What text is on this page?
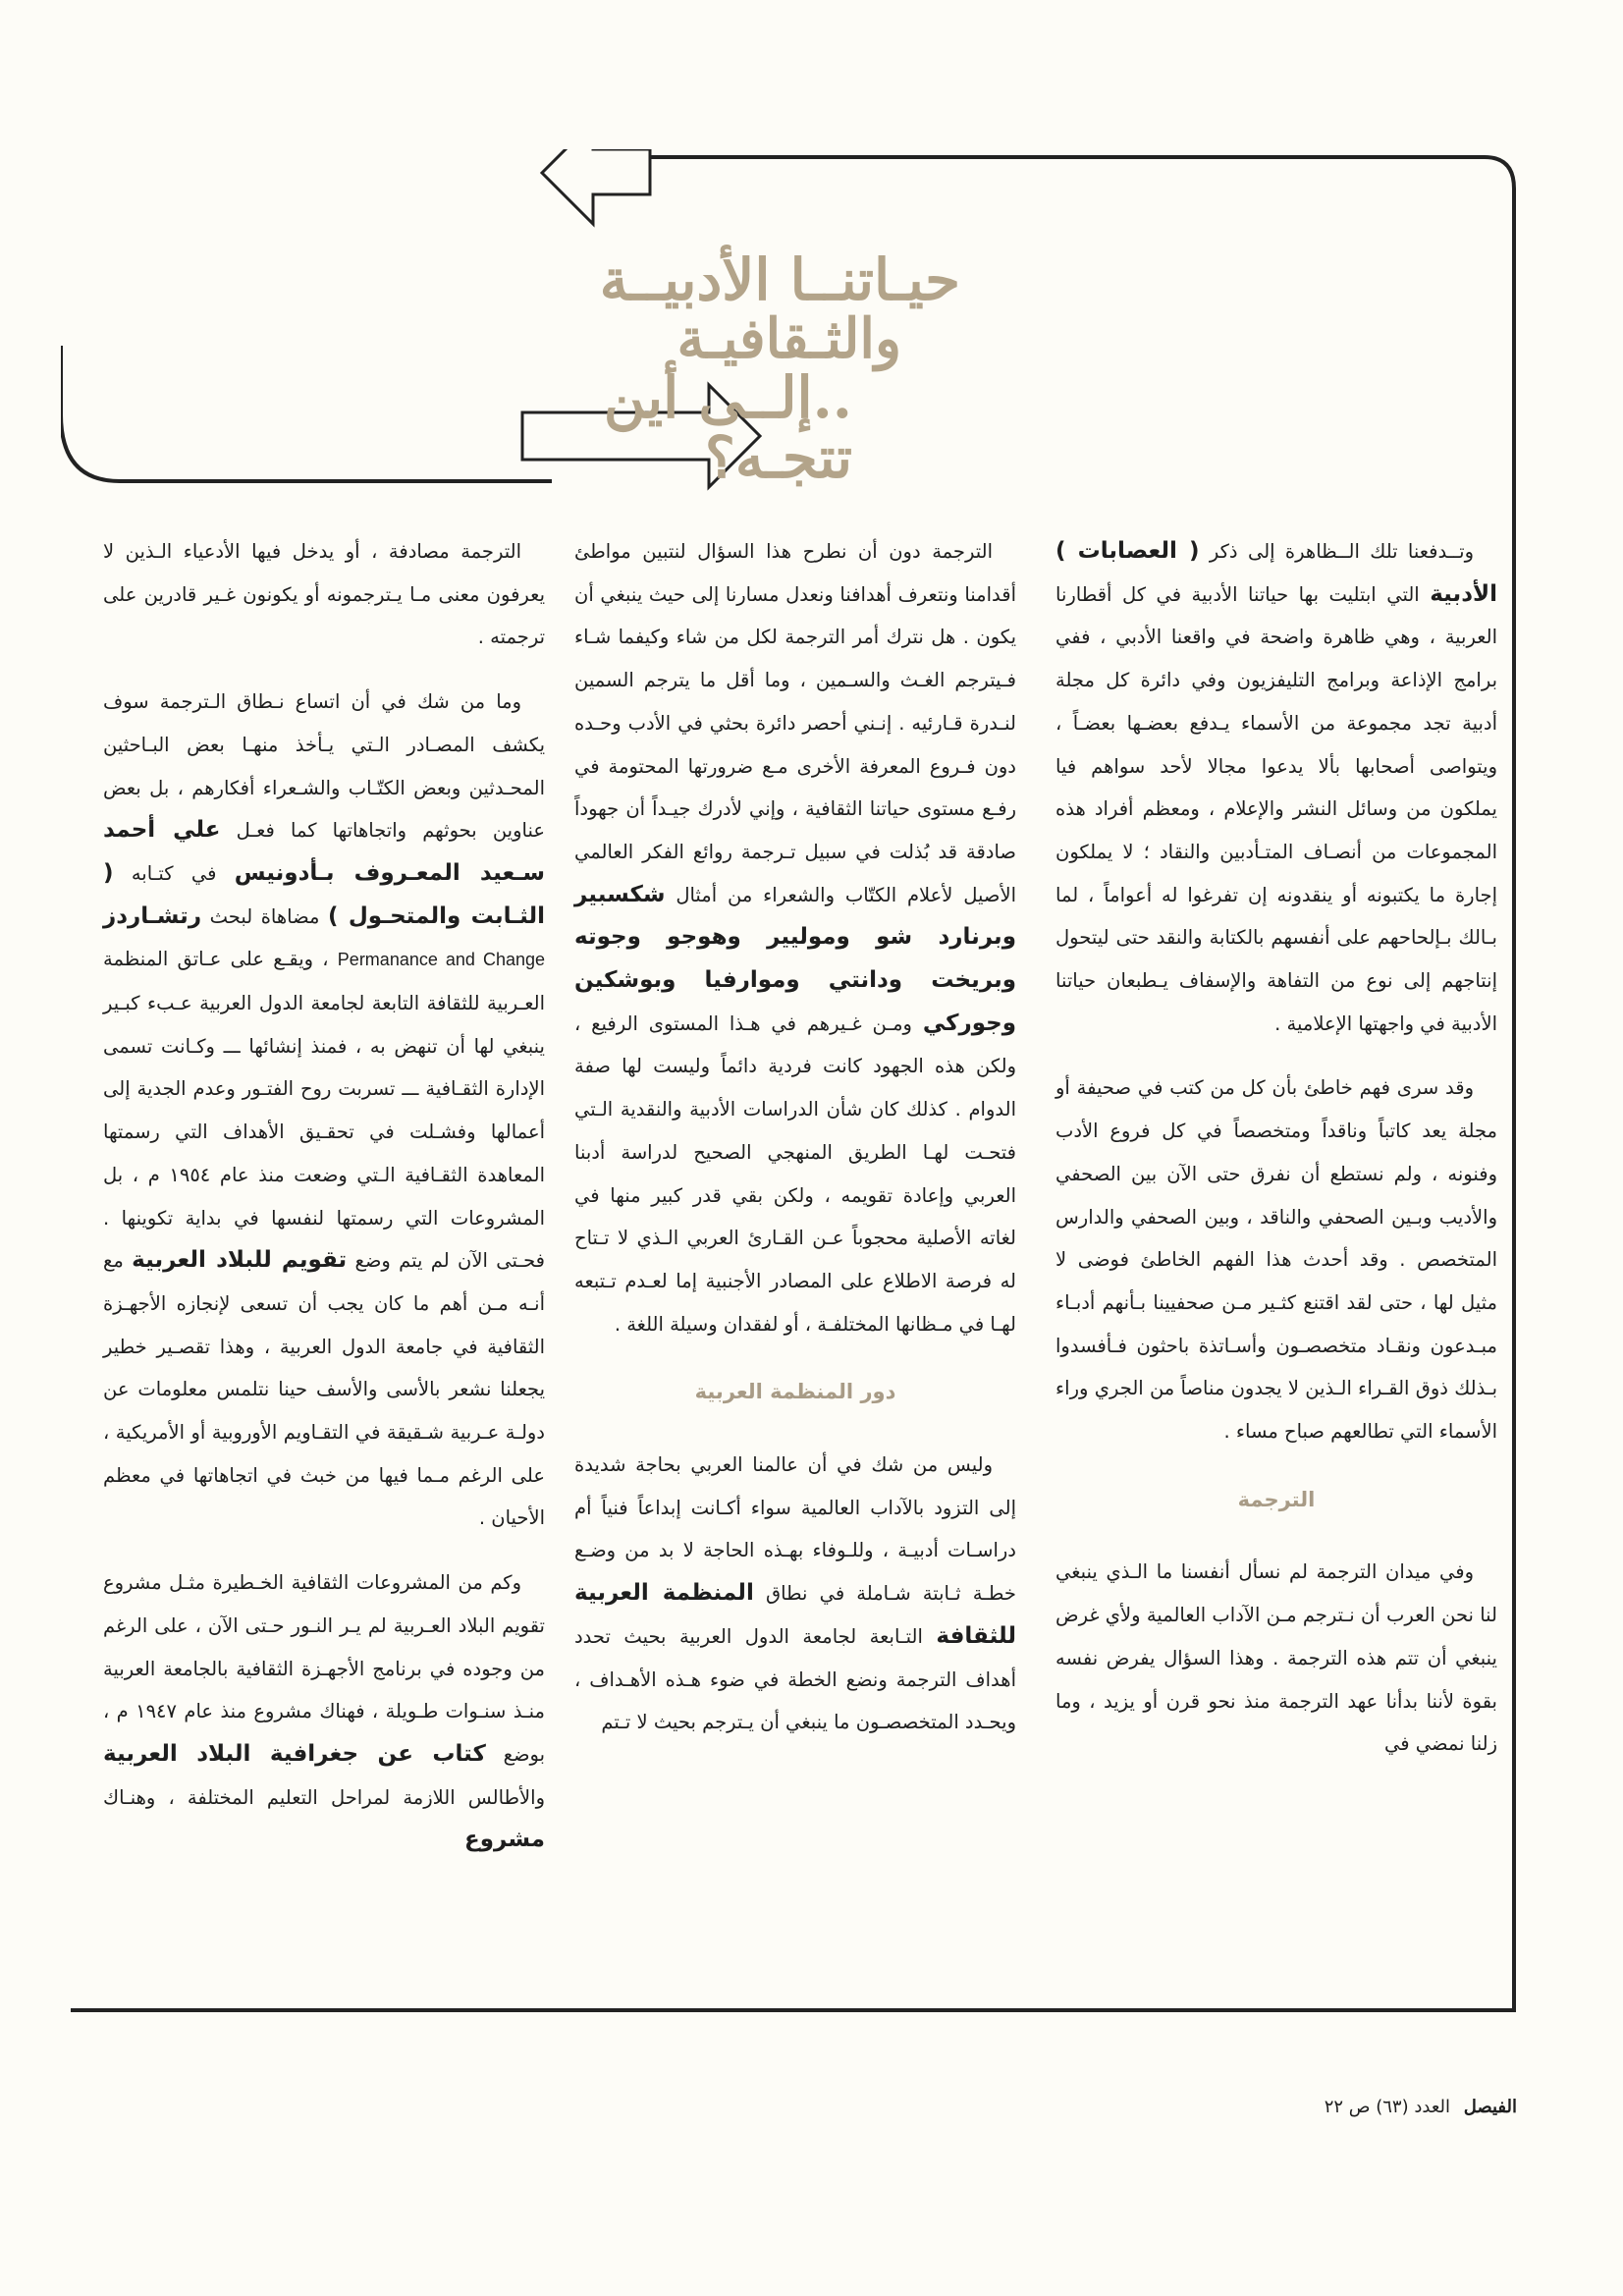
حيـاتنــا الأدبيــة
والثـقافيـة
..إلــى أين تتجـه؟

وتــدفعنا تلك الــظاهرة إلى ذكر ( العصابات ) الأدبية التي ابتليت بها حياتنا الأدبية في كل أقطارنا العربية ، وهي ظاهرة واضحة في واقعنا الأدبي ، ففي برامج الإذاعة وبرامج التليفزيون وفي دائرة كل مجلة أدبية تجد مجموعة من الأسماء يـدفع بعضـها بعضـاً ، ويتواصى أصحابها بألا يدعوا مجالا لأحد سواهم فيا يملكون من وسائل النشر والإعلام ، ومعظم أفراد هذه المجموعات من أنصـاف المتـأدبين والنقاد ؛ لا يملكون إجارة ما يكتبونه أو ينقدونه إن تفرغوا له أعواماً ، لما بـالك بـإلحاحهم على أنفسهم بالكتابة والنقد حتى ليتحول إنتاجهم إلى نوع من التفاهة والإسفاف يـطبعان حياتنا الأدبية في واجهتها الإعلامية .

وقد سرى فهم خاطئ بأن كل من كتب في صحيفة أو مجلة يعد كاتباً وناقداً ومتخصصاً في كل فروع الأدب وفنونه ، ولم نستطع أن نفرق حتى الآن بين الصحفي والأديب وبـين الصحفي والناقد ، وبين الصحفي والدارس المتخصص . وقد أحدث هذا الفهم الخاطئ فوضى لا مثيل لها ، حتى لقد اقتنع كثـير مـن صحفيينا بـأنهم أدبـاء مبـدعون ونقـاد متخصصـون وأسـاتذة باحثون فـأفسدوا بـذلك ذوق القـراء الـذين لا يجدون مناصاً من الجري وراء الأسماء التي تطالعهم صباح مساء .

الترجمة

وفي ميدان الترجمة لم نسأل أنفسنا ما الـذي ينبغي لنا نحن العرب أن نـترجم مـن الآداب العالمية ولأي غرض ينبغي أن تتم هذه الترجمة . وهذا السؤال يفرض نفسه بقوة لأننا بدأنا عهد الترجمة منذ نحو قرن أو يزيد ، وما زلنا نمضي في

الترجمة دون أن نطرح هذا السؤال لنتبين مواطئ أقدامنا ونتعرف أهدافنا ونعدل مسارنا إلى حيث ينبغي أن يكون . هل نترك أمر الترجمة لكل من شاء وكيفما شـاء فـيترجم الغـث والسـمين ، وما أقل ما يترجم السمين لنـدرة قـارئيه . إنـني أحصر دائرة بحثي في الأدب وحـده دون فـروع المعرفة الأخرى مـع ضرورتها المحتومة في رفـع مستوى حياتنا الثقافية ، وإني لأدرك جيـداً أن جهوداً صادقة قد بُذلت في سبيل تـرجمة روائع الفكر العالمي الأصيل لأعلام الكتّاب والشعراء من أمثال شكسبير وبرنارد شو وموليير وهوجو وجوته وبريخت ودانتي وموارفيا وبوشكين وجوركي ومـن غـيرهم في هـذا المستوى الرفيع ، ولكن هذه الجهود كانت فردية دائماً وليست لها صفة الدوام . كذلك كان شأن الدراسات الأدبية والنقدية الـتي فتحـت لهـا الطريق المنهجي الصحيح لدراسة أدبنا العربي وإعادة تقويمه ، ولكن بقي قدر كبير منها في لغاته الأصلية محجوباً عـن القـارئ العربي الـذي لا تـتاح له فرصة الاطلاع على المصادر الأجنبية إما لعـدم تـتبعه لهـا في مـظانها المختلفـة ، أو لفقدان وسيلة اللغة .

دور المنظمة العربية

وليس من شك في أن عالمنا العربي بحاجة شديدة إلى التزود بالآداب العالمية سواء أكـانت إبداعاً فنياً أم دراسـات أدبيـة ، وللـوفاء بهـذه الحاجة لا بد من وضـع خطـة ثـابتة شـاملة في نطاق المنظمة العربية للثقافة التـابعة لجامعة الدول العربية بحيث تحدد أهداف الترجمة ونضع الخطة في ضوء هـذه الأهـداف ، ويحـدد المتخصصـون ما ينبغي أن يـترجم بحيث لا تـتم

الترجمة مصادفة ، أو يدخل فيها الأدعياء الـذين لا يعرفون معنى مـا يـترجمونه أو يكونون غـير قادرين على ترجمته .

وما من شك في أن اتساع نـطاق الـترجمة سوف يكشف المصـادر الـتي يـأخذ منهـا بعض البـاحثين المحـدثين وبعض الكتّـاب والشـعراء أفكارهم ، بل بعض عناوين بحوثهم واتجاهاتها كما فعـل علي أحمد سـعيد المعـروف بـأدونيس في كتـابه ( الثـابت والمتحـول ) مضاهاة لبحث رتشـاردز Permanance and Change ، ويقـع على عـاتق المنظمة العـربية للثقافة التابعة لجامعة الدول العربية عـبء كبـير ينبغي لها أن تنهض به ، فمنذ إنشائها ـــ وكـانت تسمى الإدارة الثقـافية ـــ تسربت روح الفتـور وعدم الجدية إلى أعمالها وفشـلت في تحقـيق الأهداف التي رسمتها المعاهدة الثقـافية الـتي وضعت منذ عام ١٩٥٤ م ، بل المشروعات التي رسمتها لنفسها في بداية تكوينها . فحـتى الآن لم يتم وضع تقويم للبلاد العربية مع أنـه مـن أهم ما كان يجب أن تسعى لإنجازه الأجهـزة الثقافية في جامعة الدول العربية ، وهذا تقصـير خطير يجعلنا نشعر بالأسى والأسف حينا نتلمس معلومات عن دولـة عـربية شـقيقة في التقـاويم الأوروبية أو الأمريكية ، على الرغم مـما فيها من خبث في اتجاهاتها في معظم الأحيان .

وكم من المشروعات الثقافية الخـطيرة مثـل مشروع تقويم البلاد العـربية لم يـر النـور حـتى الآن ، على الرغم من وجوده في برنامج الأجهـزة الثقافية بالجامعة العربية منـذ سنـوات طـويلة ، فهناك مشروع منذ عام ١٩٤٧ م ، بوضع كتاب عن جغرافية البلاد العربية والأطالس اللازمة لمراحل التعليم المختلفة ، وهنـاك مشروع

الفيصل العدد (٦٣) ص ٢٢
